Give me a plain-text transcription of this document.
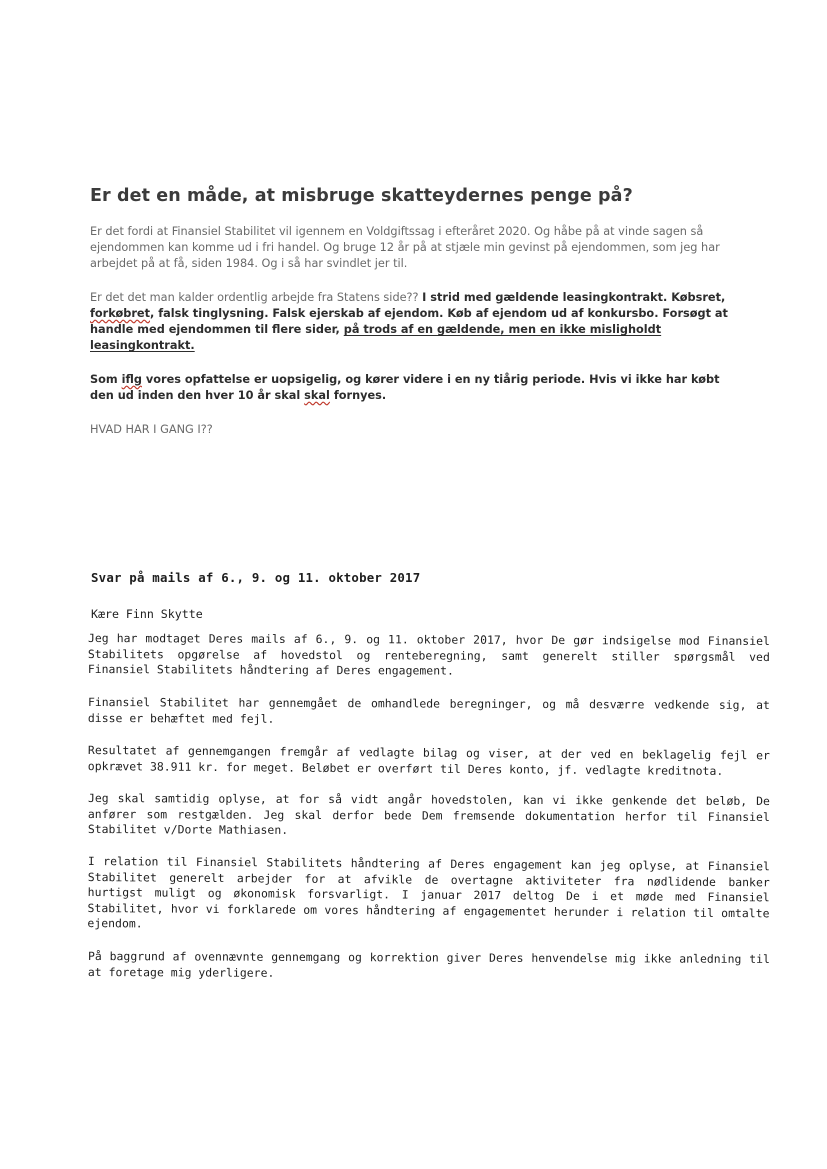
Er det en måde, at misbruge skatteydernes penge på?

Er det fordi at Finansiel Stabilitet vil igennem en Voldgiftssag i efteråret 2020. Og håbe på at vinde sagen så ejendommen kan komme ud i fri handel. Og bruge 12 år på at stjæle min gevinst på ejendommen, som jeg har arbejdet på at få, siden 1984. Og i så har svindlet jer til.

Er det det man kalder ordentlig arbejde fra Statens side?? I strid med gældende leasingkontrakt. Købsret, forkøbret, falsk tinglysning. Falsk ejerskab af ejendom. Køb af ejendom ud af konkursbo. Forsøgt at handle med ejendommen til flere sider, på trods af en gældende, men en ikke misligholdt leasingkontrakt.

Som iflg vores opfattelse er uopsigelig, og kører videre i en ny tiårig periode. Hvis vi ikke har købt den ud inden den hver 10 år skal skal fornyes.

HVAD HAR I GANG I??

Svar på mails af 6., 9. og 11. oktober 2017
Kære Finn Skytte

Jeg har modtaget Deres mails af 6., 9. og 11. oktober 2017, hvor De gør indsigelse mod Finansiel Stabilitets opgørelse af hovedstol og renteberegning, samt generelt stiller spørgsmål ved Finansiel Stabilitets håndtering af Deres engagement.

Finansiel Stabilitet har gennemgået de omhandlede beregninger, og må desværre vedkende sig, at disse er behæftet med fejl.

Resultatet af gennemgangen fremgår af vedlagte bilag og viser, at der ved en beklagelig fejl er opkrævet 38.911 kr. for meget. Beløbet er overført til Deres konto, jf. vedlagte kreditnota.

Jeg skal samtidig oplyse, at for så vidt angår hovedstolen, kan vi ikke genkende det beløb, De anfører som restgælden. Jeg skal derfor bede Dem fremsende dokumentation herfor til Finansiel Stabilitet v/Dorte Mathiasen.

I relation til Finansiel Stabilitets håndtering af Deres engagement kan jeg oplyse, at Finansiel Stabilitet generelt arbejder for at afvikle de overtagne aktiviteter fra nødlidende banker hurtigst muligt og økonomisk forsvarligt. I januar 2017 deltog De i et møde med Finansiel Stabilitet, hvor vi forklarede om vores håndtering af engagementet herunder i relation til omtalte ejendom.

På baggrund af ovennævnte gennemgang og korrektion giver Deres henvendelse mig ikke anledning til at foretage mig yderligere.
